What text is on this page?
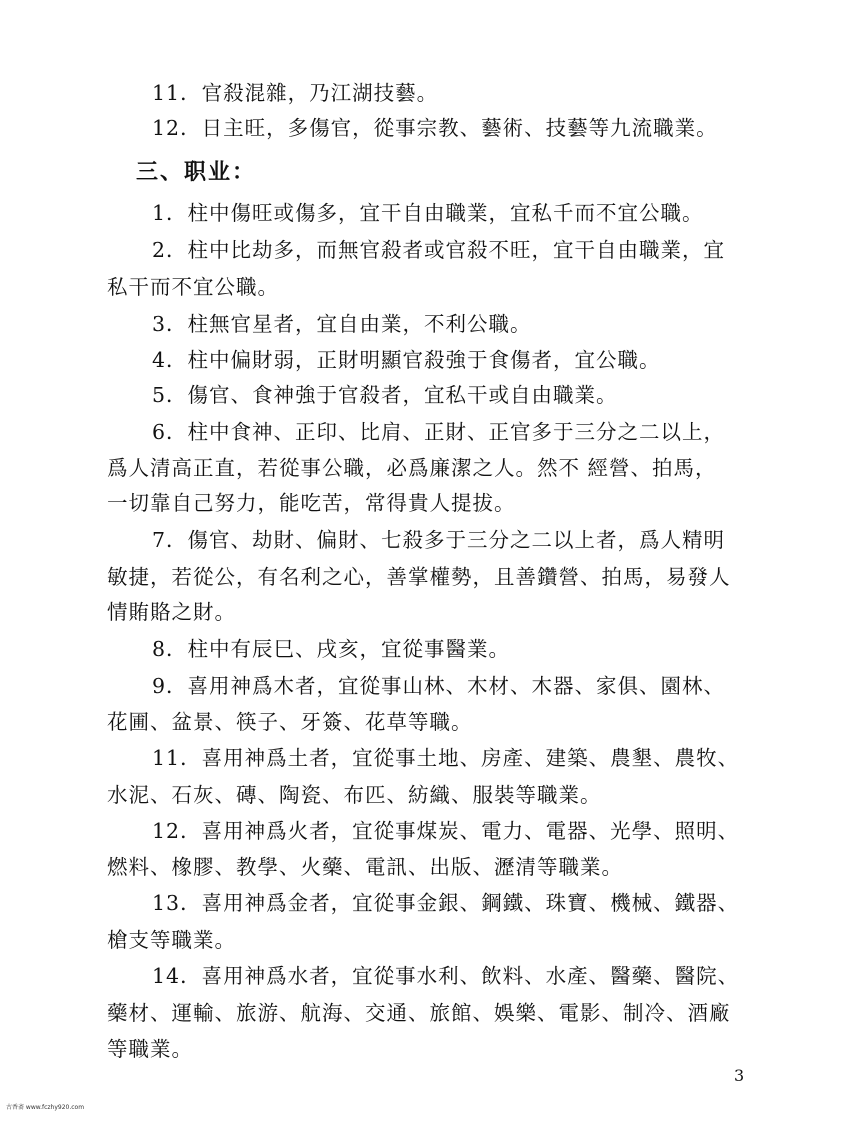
11．官殺混雜，乃江湖技藝。
12．日主旺，多傷官，從事宗教、藝術、技藝等九流職業。
三、职业：
1．柱中傷旺或傷多，宜干自由職業，宜私千而不宜公職。
2．柱中比劫多，而無官殺者或官殺不旺，宜干自由職業，宜
私干而不宜公職。
3．柱無官星者，宜自由業，不利公職。
4．柱中偏財弱，正財明顯官殺強于食傷者，宜公職。
5．傷官、食神強于官殺者，宜私干或自由職業。
6．柱中食神、正印、比肩、正財、正官多于三分之二以上，
爲人清高正直，若從事公職，必爲廉潔之人。然不 經營、拍馬，
一切靠自己努力，能吃苦，常得貴人提拔。
7．傷官、劫財、偏財、七殺多于三分之二以上者，爲人精明
敏捷，若從公，有名利之心，善掌權勢，且善鑽營、拍馬，易發人
情賄賂之財。
8．柱中有辰巳、戌亥，宜從事醫業。
9．喜用神爲木者，宜從事山林、木材、木器、家俱、園林、
花圃、盆景、筷子、牙簽、花草等職。
11．喜用神爲土者，宜從事土地、房產、建築、農墾、農牧、
水泥、石灰、磚、陶瓷、布匹、紡織、服裝等職業。
12．喜用神爲火者，宜從事煤炭、電力、電器、光學、照明、
燃料、橡膠、教學、火藥、電訊、出版、瀝清等職業。
13．喜用神爲金者，宜從事金銀、鋼鐵、珠寶、機械、鐵器、
槍支等職業。
14．喜用神爲水者，宜從事水利、飲料、水產、醫藥、醫院、
藥材、運輸、旅游、航海、交通、旅館、娛樂、電影、制冷、酒廠
等職業。
3
古香斋 www.fczhy920.com
